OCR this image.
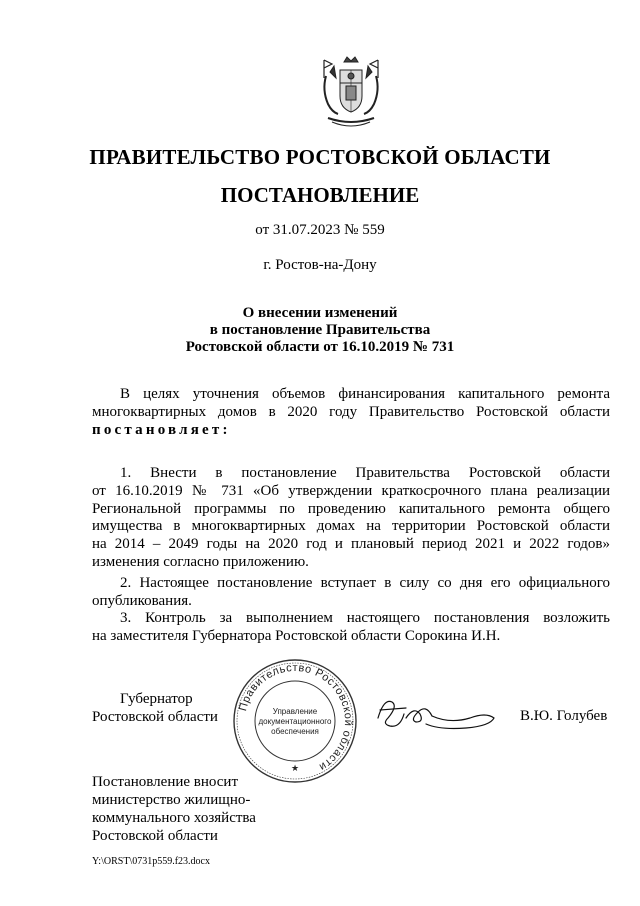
ПРАВИТЕЛЬСТВО РОСТОВСКОЙ ОБЛАСТИ
ПОСТАНОВЛЕНИЕ
от 31.07.2023 № 559
г. Ростов-на-Дону
О внесении изменений
в постановление Правительства
Ростовской области от 16.10.2019 № 731
В целях уточнения объемов финансирования капитального ремонта
многоквартирных домов в 2020 году Правительство Ростовской области
постановляет:
1. Внести в постановление Правительства Ростовской области
от 16.10.2019 № 731 «Об утверждении краткосрочного плана реализации
Региональной программы по проведению капитального ремонта общего
имущества в многоквартирных домах на территории Ростовской области
на 2014 – 2049 годы на 2020 год и плановый период 2021 и 2022 годов»
изменения согласно приложению.
2. Настоящее постановление вступает в силу со дня его официального
опубликования.
3. Контроль за выполнением настоящего постановления возложить
на заместителя Губернатора Ростовской области Сорокина И.Н.
Губернатор
Ростовской области
Правительство Ростовской области
Управление
документационного
обеспечения
★
В.Ю. Голубев
Постановление вносит
министерство жилищно-
коммунального хозяйства
Ростовской области
Y:\ORST\0731p559.f23.docx
